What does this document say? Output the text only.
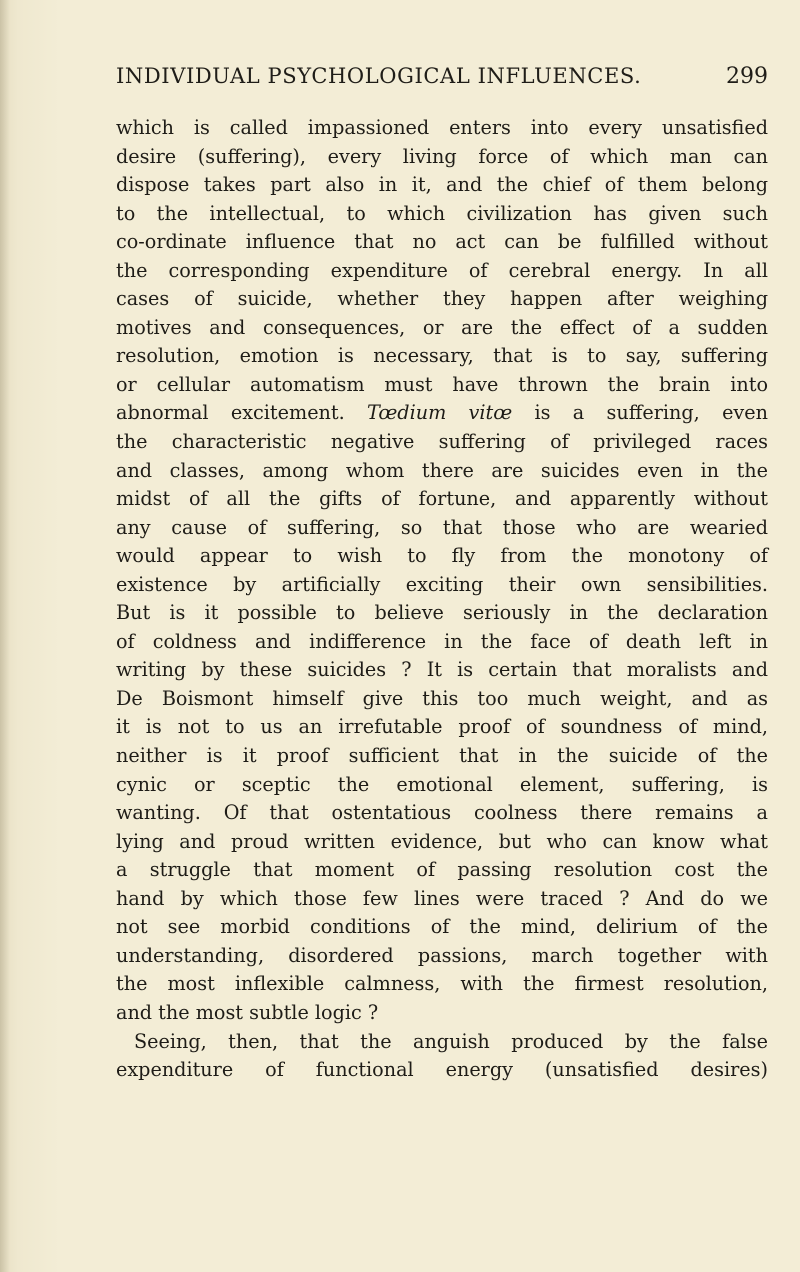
INDIVIDUAL PSYCHOLOGICAL INFLUENCES.	299
which is called impassioned enters into every unsatisfied
desire (suffering), every living force of which man can
dispose takes part also in it, and the chief of them belong
to the intellectual, to which civilization has given such
co-ordinate influence that no act can be fulfilled without
the corresponding expenditure of cerebral energy. In all
cases of suicide, whether they happen after weighing
motives and consequences, or are the effect of a sudden
resolution, emotion is necessary, that is to say, suffering
or cellular automatism must have thrown the brain into
abnormal excitement. Tœdium vitœ is a suffering, even
the characteristic negative suffering of privileged races
and classes, among whom there are suicides even in the
midst of all the gifts of fortune, and apparently without
any cause of suffering, so that those who are wearied
would appear to wish to fly from the monotony of
existence by artificially exciting their own sensibilities.
But is it possible to believe seriously in the declaration
of coldness and indifference in the face of death left in
writing by these suicides ? It is certain that moralists and
De Boismont himself give this too much weight, and as
it is not to us an irrefutable proof of soundness of mind,
neither is it proof sufficient that in the suicide of the
cynic or sceptic the emotional element, suffering, is
wanting. Of that ostentatious coolness there remains a
lying and proud written evidence, but who can know what
a struggle that moment of passing resolution cost the
hand by which those few lines were traced ? And do we
not see morbid conditions of the mind, delirium of the
understanding, disordered passions, march together with
the most inflexible calmness, with the firmest resolution,
and the most subtle logic ?
Seeing, then, that the anguish produced by the false
expenditure of functional energy (unsatisfied desires)
